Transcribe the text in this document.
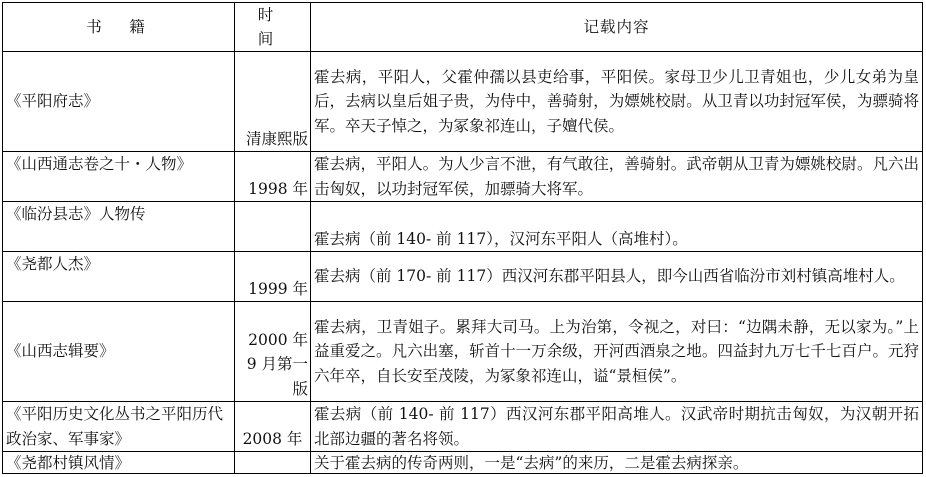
书　籍	时　间	记载内容
《平阳府志》	清康熙版	霍去病，平阳人，父霍仲孺以县吏给事，平阳侯。家母卫少儿卫青姐也，少儿女弟为皇后，去病以皇后姐子贵，为侍中，善骑射，为嫖姚校尉。从卫青以功封冠军侯，为骠骑将军。卒天子悼之，为冢象祁连山，子嬗代侯。
《山西通志卷之十・人物》	1998 年	霍去病，平阳人。为人少言不泄，有气敢往，善骑射。武帝朝从卫青为嫖姚校尉。凡六出击匈奴，以功封冠军侯，加骠骑大将军。
《临汾县志》人物传		霍去病（前 140- 前 117），汉河东平阳人（高堆村）。
《尧都人杰》	1999 年	霍去病（前 170- 前 117）西汉河东郡平阳县人，即今山西省临汾市刘村镇高堆村人。
《山西志辑要》	2000 年 9 月第一版	霍去病，卫青姐子。累拜大司马。上为治第，令视之，对曰：“边隅未静，无以家为。”上益重爱之。凡六出塞，斩首十一万余级，开河西酒泉之地。四益封九万七千七百户。元狩六年卒，自长安至茂陵，为冢象祁连山，谥“景桓侯”。
《平阳历史文化丛书之平阳历代政治家、军事家》	2008 年	霍去病（前 140- 前 117）西汉河东郡平阳高堆人。汉武帝时期抗击匈奴，为汉朝开拓北部边疆的著名将领。
《尧都村镇风情》		关于霍去病的传奇两则，一是“去病”的来历，二是霍去病探亲。
